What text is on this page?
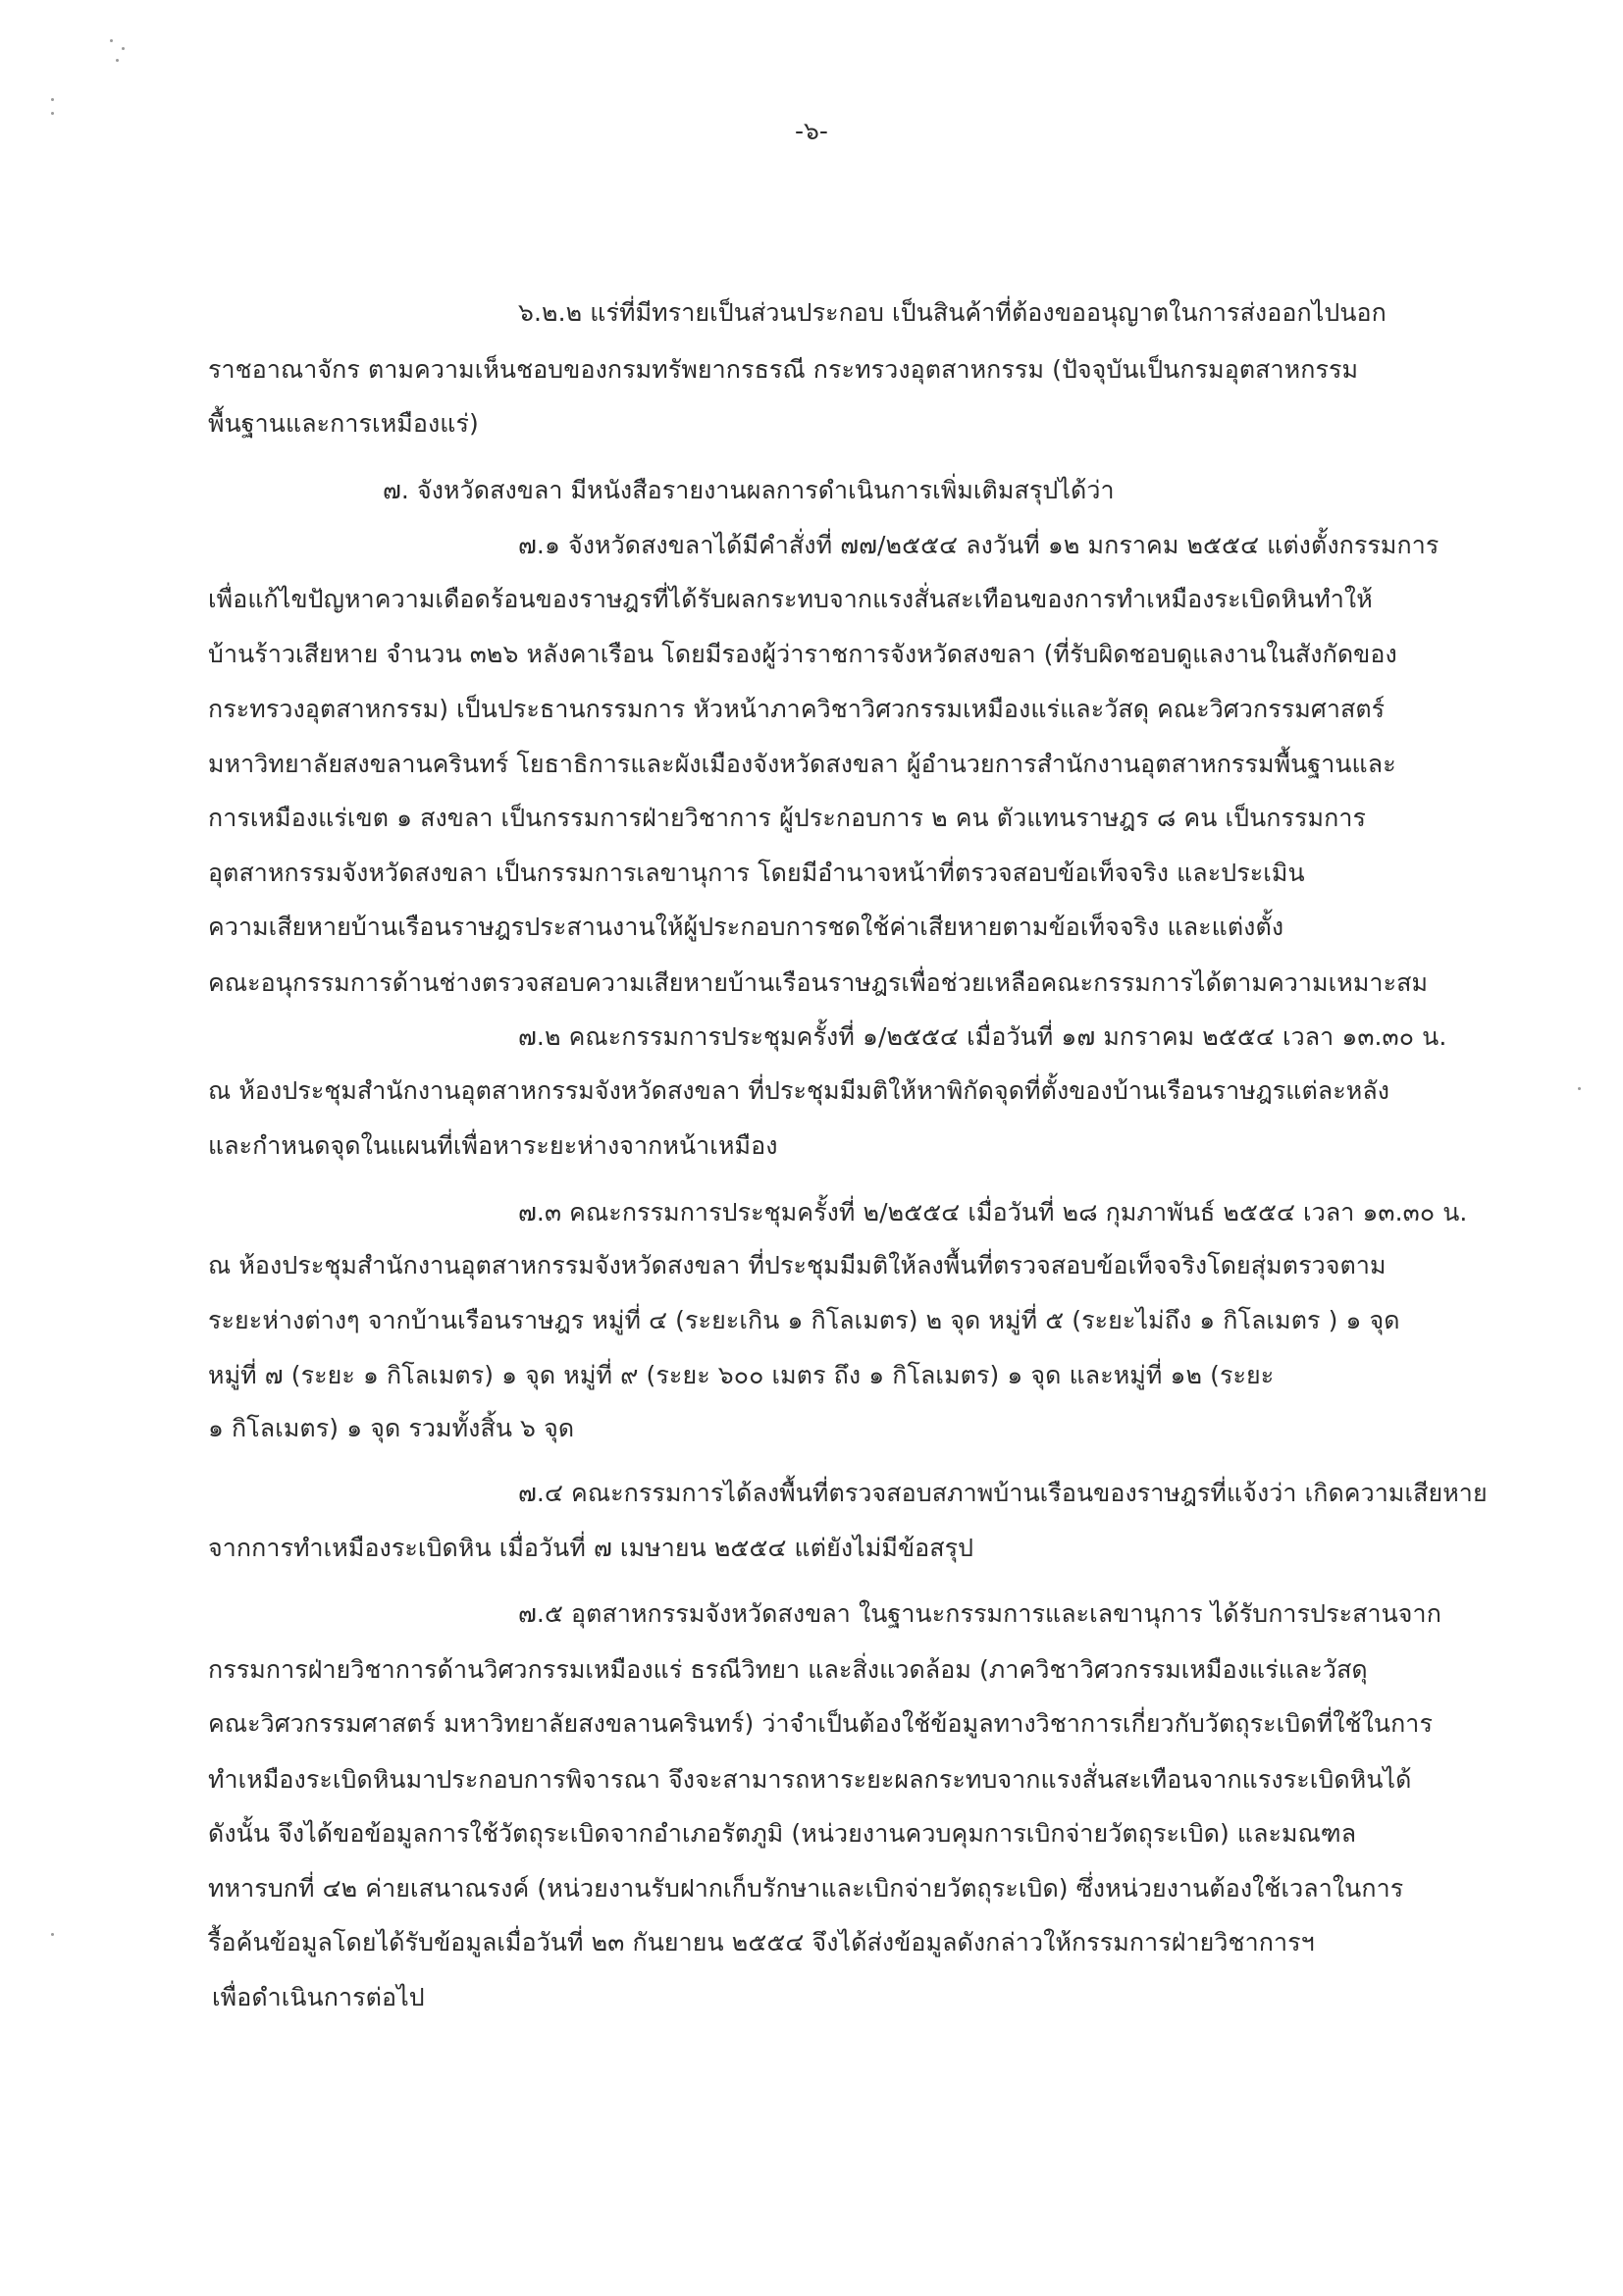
-๖-
๖.๒.๒ แร่ที่มีทรายเป็นส่วนประกอบ เป็นสินค้าที่ต้องขออนุญาตในการส่งออกไปนอก
ราชอาณาจักร ตามความเห็นชอบของกรมทรัพยากรธรณี กระทรวงอุตสาหกรรม (ปัจจุบันเป็นกรมอุตสาหกรรม
พื้นฐานและการเหมืองแร่)
๗. จังหวัดสงขลา มีหนังสือรายงานผลการดำเนินการเพิ่มเติมสรุปได้ว่า
๗.๑ จังหวัดสงขลาได้มีคำสั่งที่ ๗๗/๒๕๕๔ ลงวันที่ ๑๒ มกราคม ๒๕๕๔ แต่งตั้งกรรมการ
เพื่อแก้ไขปัญหาความเดือดร้อนของราษฎรที่ได้รับผลกระทบจากแรงสั่นสะเทือนของการทำเหมืองระเบิดหินทำให้
บ้านร้าวเสียหาย จำนวน ๓๒๖ หลังคาเรือน โดยมีรองผู้ว่าราชการจังหวัดสงขลา (ที่รับผิดชอบดูแลงานในสังกัดของ
กระทรวงอุตสาหกรรม) เป็นประธานกรรมการ หัวหน้าภาควิชาวิศวกรรมเหมืองแร่และวัสดุ คณะวิศวกรรมศาสตร์
มหาวิทยาลัยสงขลานครินทร์ โยธาธิการและผังเมืองจังหวัดสงขลา ผู้อำนวยการสำนักงานอุตสาหกรรมพื้นฐานและ
การเหมืองแร่เขต ๑ สงขลา เป็นกรรมการฝ่ายวิชาการ ผู้ประกอบการ ๒ คน ตัวแทนราษฎร ๘ คน เป็นกรรมการ
อุตสาหกรรมจังหวัดสงขลา เป็นกรรมการเลขานุการ โดยมีอำนาจหน้าที่ตรวจสอบข้อเท็จจริง และประเมิน
ความเสียหายบ้านเรือนราษฎรประสานงานให้ผู้ประกอบการชดใช้ค่าเสียหายตามข้อเท็จจริง และแต่งตั้ง
คณะอนุกรรมการด้านช่างตรวจสอบความเสียหายบ้านเรือนราษฎรเพื่อช่วยเหลือคณะกรรมการได้ตามความเหมาะสม
๗.๒ คณะกรรมการประชุมครั้งที่ ๑/๒๕๕๔ เมื่อวันที่ ๑๗ มกราคม ๒๕๕๔ เวลา ๑๓.๓๐ น.
ณ ห้องประชุมสำนักงานอุตสาหกรรมจังหวัดสงขลา ที่ประชุมมีมติให้หาพิกัดจุดที่ตั้งของบ้านเรือนราษฎรแต่ละหลัง
และกำหนดจุดในแผนที่เพื่อหาระยะห่างจากหน้าเหมือง
๗.๓ คณะกรรมการประชุมครั้งที่ ๒/๒๕๕๔ เมื่อวันที่ ๒๘ กุมภาพันธ์ ๒๕๕๔ เวลา ๑๓.๓๐ น.
ณ ห้องประชุมสำนักงานอุตสาหกรรมจังหวัดสงขลา ที่ประชุมมีมติให้ลงพื้นที่ตรวจสอบข้อเท็จจริงโดยสุ่มตรวจตาม
ระยะห่างต่างๆ จากบ้านเรือนราษฎร หมู่ที่ ๔ (ระยะเกิน ๑ กิโลเมตร) ๒ จุด หมู่ที่ ๕ (ระยะไม่ถึง ๑ กิโลเมตร ) ๑ จุด
หมู่ที่ ๗ (ระยะ ๑ กิโลเมตร) ๑ จุด หมู่ที่ ๙ (ระยะ ๖๐๐ เมตร ถึง ๑ กิโลเมตร) ๑ จุด และหมู่ที่ ๑๒ (ระยะ
๑ กิโลเมตร) ๑ จุด รวมทั้งสิ้น ๖ จุด
๗.๔ คณะกรรมการได้ลงพื้นที่ตรวจสอบสภาพบ้านเรือนของราษฎรที่แจ้งว่า เกิดความเสียหาย
จากการทำเหมืองระเบิดหิน เมื่อวันที่ ๗ เมษายน ๒๕๕๔ แต่ยังไม่มีข้อสรุป
๗.๕ อุตสาหกรรมจังหวัดสงขลา ในฐานะกรรมการและเลขานุการ ได้รับการประสานจาก
กรรมการฝ่ายวิชาการด้านวิศวกรรมเหมืองแร่ ธรณีวิทยา และสิ่งแวดล้อม (ภาควิชาวิศวกรรมเหมืองแร่และวัสดุ
คณะวิศวกรรมศาสตร์ มหาวิทยาลัยสงขลานครินทร์) ว่าจำเป็นต้องใช้ข้อมูลทางวิชาการเกี่ยวกับวัตถุระเบิดที่ใช้ในการ
ทำเหมืองระเบิดหินมาประกอบการพิจารณา จึงจะสามารถหาระยะผลกระทบจากแรงสั่นสะเทือนจากแรงระเบิดหินได้
ดังนั้น จึงได้ขอข้อมูลการใช้วัตถุระเบิดจากอำเภอรัตภูมิ (หน่วยงานควบคุมการเบิกจ่ายวัตถุระเบิด) และมณฑล
ทหารบกที่ ๔๒ ค่ายเสนาณรงค์ (หน่วยงานรับฝากเก็บรักษาและเบิกจ่ายวัตถุระเบิด) ซึ่งหน่วยงานต้องใช้เวลาในการ
รื้อค้นข้อมูลโดยได้รับข้อมูลเมื่อวันที่ ๒๓ กันยายน ๒๕๕๔ จึงได้ส่งข้อมูลดังกล่าวให้กรรมการฝ่ายวิชาการฯ
เพื่อดำเนินการต่อไป
